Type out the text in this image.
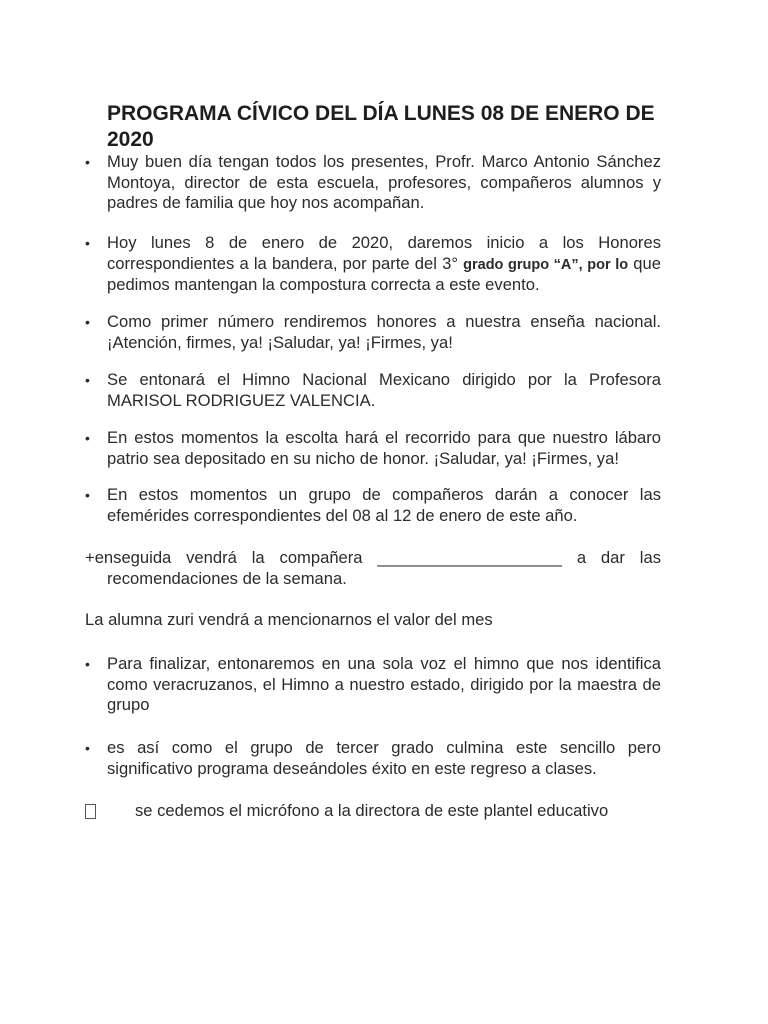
PROGRAMA CÍVICO DEL DÍA LUNES 08 DE ENERO DE 2020
•	Muy buen día tengan todos los presentes, Profr. Marco Antonio Sánchez Montoya, director de esta escuela, profesores, compañeros alumnos y padres de familia que hoy nos acompañan.
•	Hoy lunes 8 de enero de 2020, daremos inicio a los Honores correspondientes a la bandera, por parte del 3° grado grupo “A”, por lo que pedimos mantengan la compostura correcta a este evento.
•	Como primer número rendiremos honores a nuestra enseña nacional. ¡Atención, firmes, ya! ¡Saludar, ya! ¡Firmes, ya!
•	Se entonará el Himno Nacional Mexicano dirigido por la Profesora MARISOL RODRIGUEZ VALENCIA.
•	En estos momentos la escolta hará el recorrido para que nuestro lábaro patrio sea depositado en su nicho de honor. ¡Saludar, ya! ¡Firmes, ya!
•	En estos momentos un grupo de compañeros darán a conocer las efemérides correspondientes del 08 al 12 de enero de este año.
+enseguida vendrá la compañera ____________________ a dar las
recomendaciones de la semana.
La alumna zuri vendrá a mencionarnos el valor del mes
•	Para finalizar, entonaremos en una sola voz el himno que nos identifica como veracruzanos, el Himno a nuestro estado, dirigido por la maestra de grupo
•	es así como el grupo de tercer grado culmina este sencillo pero significativo programa deseándoles éxito en este regreso a clases.
se cedemos el micrófono a la directora de este plantel educativo
